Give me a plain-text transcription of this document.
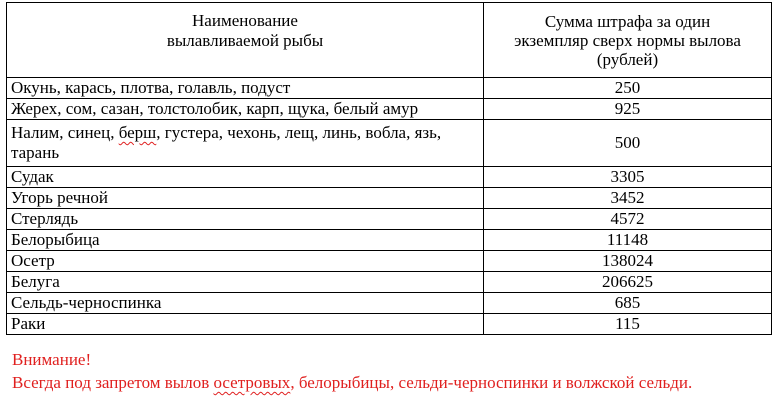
Наименование
вылавливаемой рыбы	Сумма штрафа за один
экземпляр сверх нормы вылова
(рублей)
Окунь, карась, плотва, голавль, подуст	250
Жерех, сом, сазан, толстолобик, карп, щука, белый амур	925
Налим, синец, берш, густера, чехонь, лещ, линь, вобла, язь, тарань	500
Судак	3305
Угорь речной	3452
Стерлядь	4572
Белорыбица	11148
Осетр	138024
Белуга	206625
Сельдь-черноспинка	685
Раки	115

Внимание!

Всегда под запретом вылов осетровых, белорыбицы, сельди-черноспинки и волжской сельди.
